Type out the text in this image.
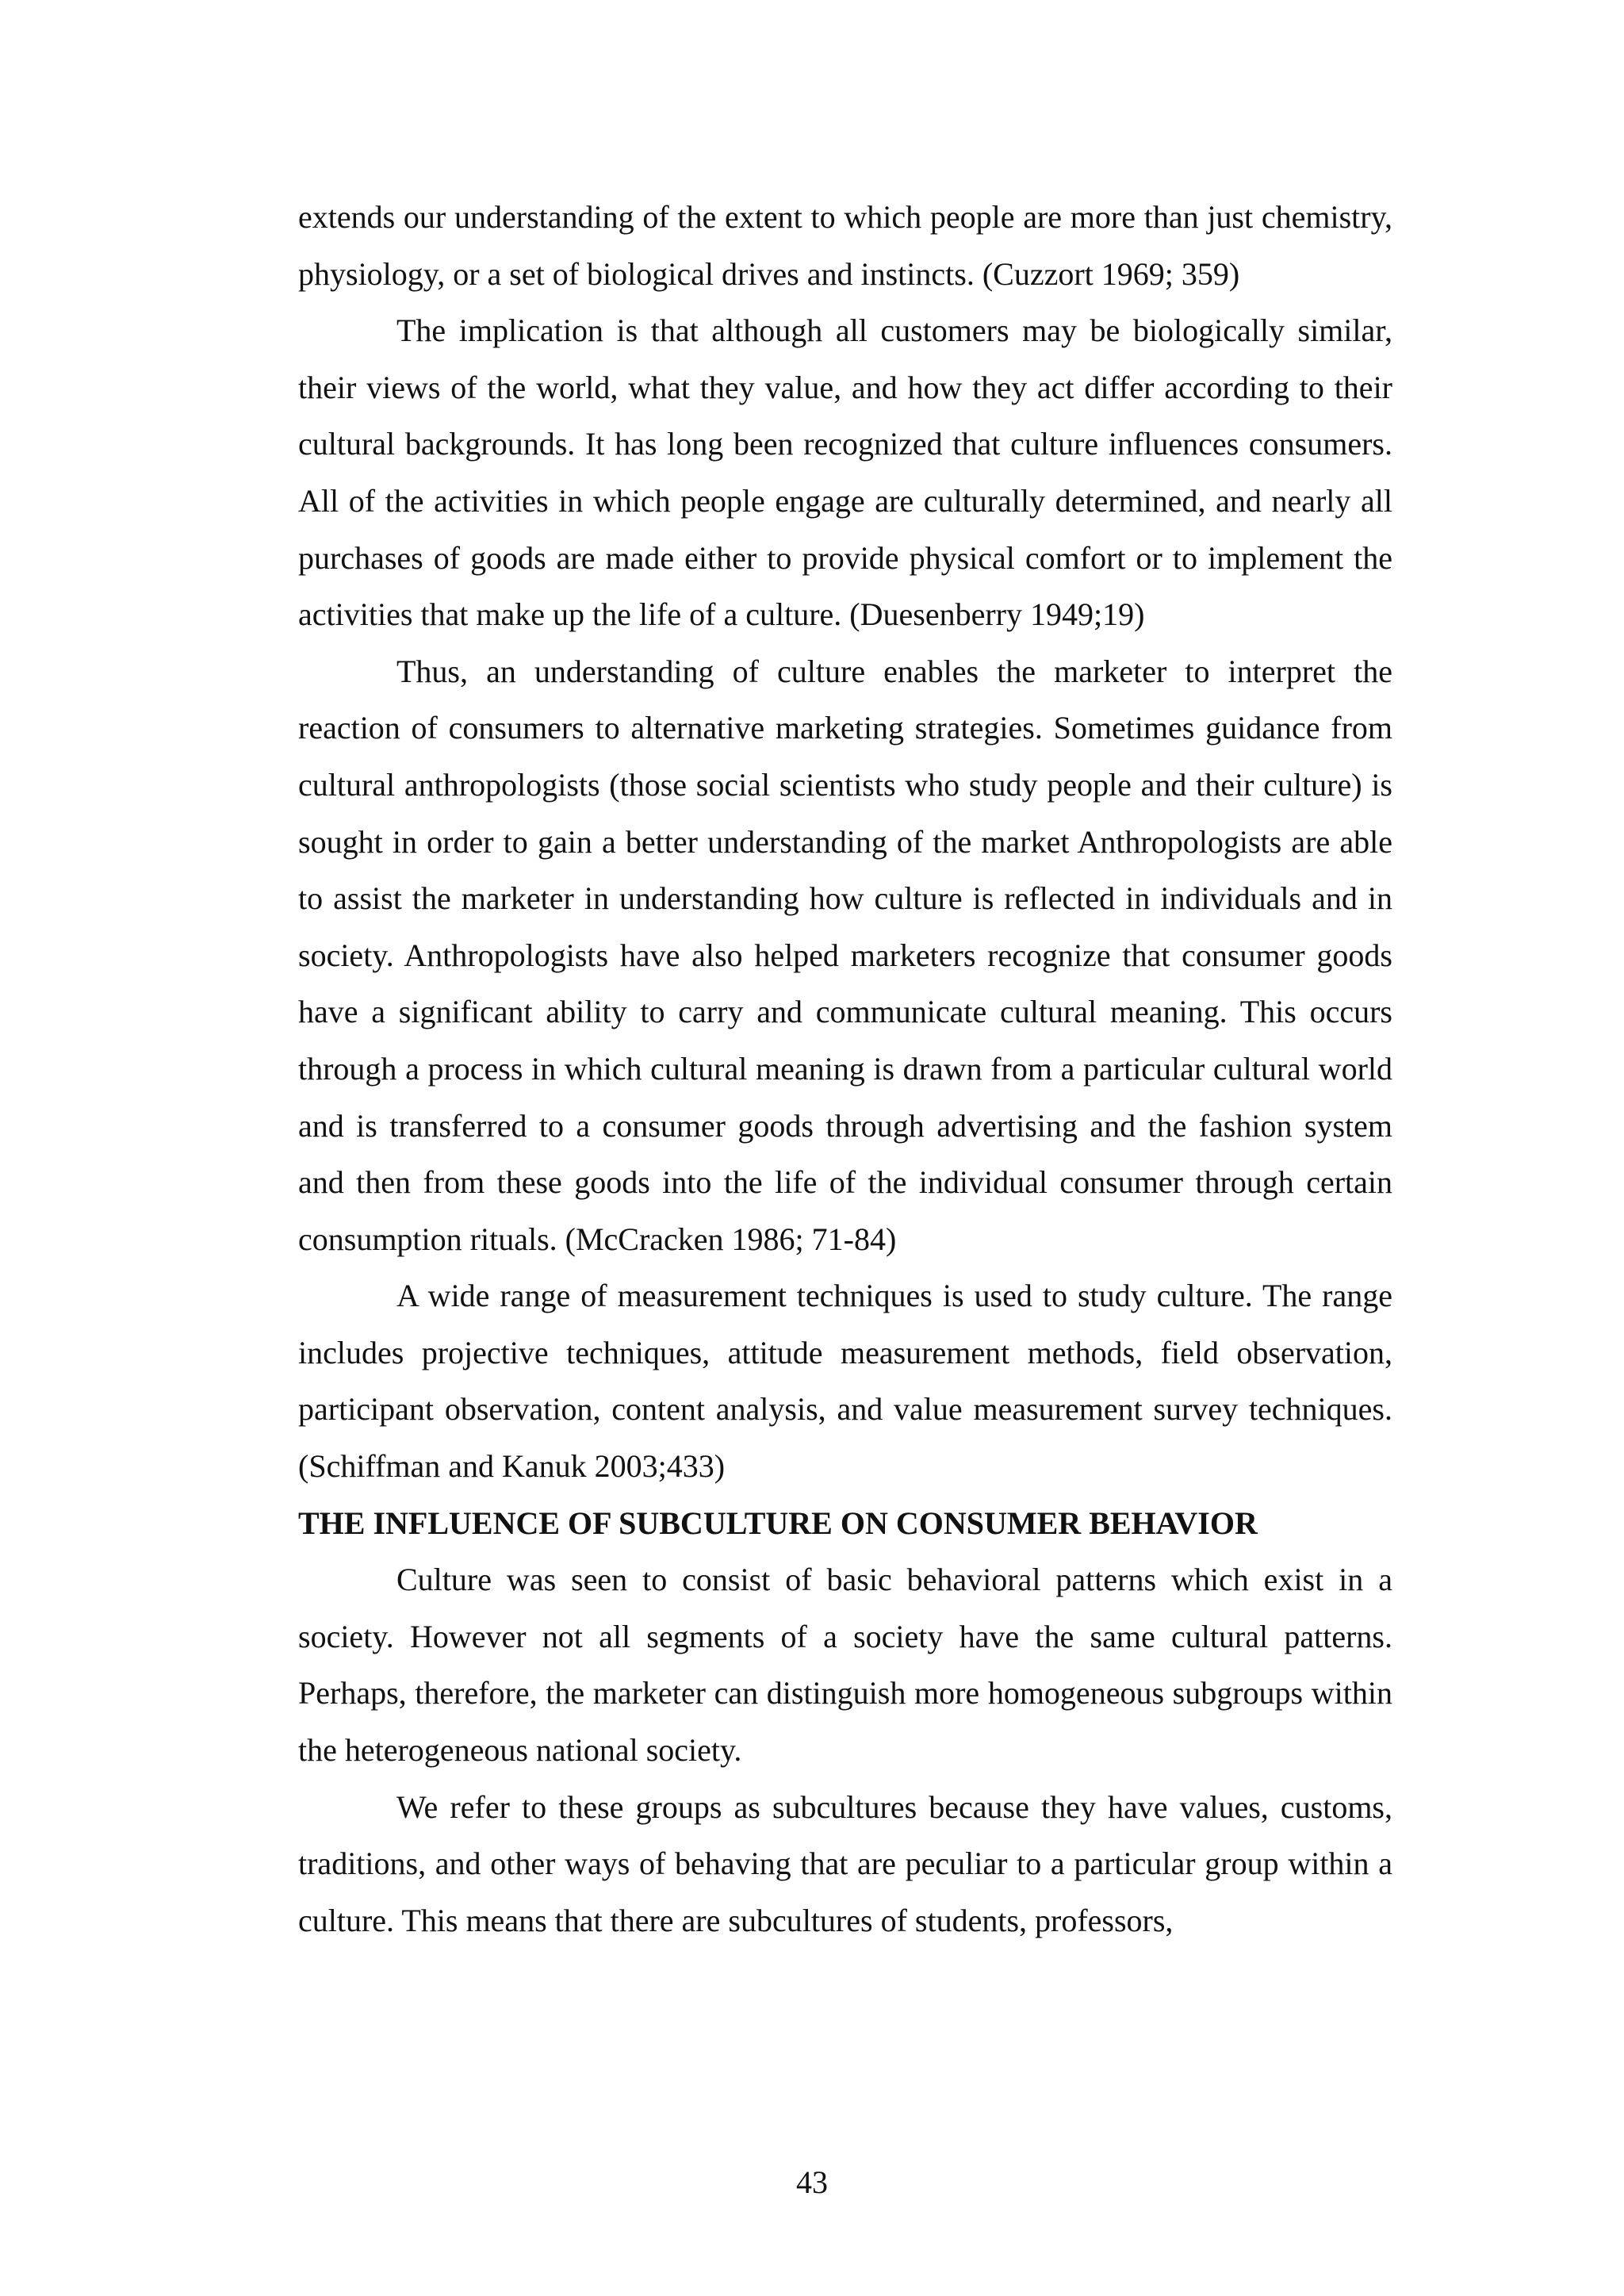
extends our understanding of the extent to which people are more than just chemistry, physiology, or a set of biological drives and instincts. (Cuzzort 1969; 359)

The implication is that although all customers may be biologically similar, their views of the world, what they value, and how they act differ according to their cultural backgrounds. It has long been recognized that culture influences consumers. All of the activities in which people engage are culturally determined, and nearly all purchases of goods are made either to provide physical comfort or to implement the activities that make up the life of a culture. (Duesenberry 1949;19)

Thus, an understanding of culture enables the marketer to interpret the reaction of consumers to alternative marketing strategies. Sometimes guidance from cultural anthropologists (those social scientists who study people and their culture) is sought in order to gain a better understanding of the market Anthropologists are able to assist the marketer in understanding how culture is reflected in individuals and in society. Anthropologists have also helped marketers recognize that consumer goods have a significant ability to carry and communicate cultural meaning. This occurs through a process in which cultural meaning is drawn from a particular cultural world and is transferred to a consumer goods through advertising and the fashion system and then from these goods into the life of the individual consumer through certain consumption rituals. (McCracken 1986; 71-84)

A wide range of measurement techniques is used to study culture. The range includes projective techniques, attitude measurement methods, field observation, participant observation, content analysis, and value measurement survey techniques. (Schiffman and Kanuk 2003;433)

THE INFLUENCE OF SUBCULTURE ON CONSUMER BEHAVIOR

Culture was seen to consist of basic behavioral patterns which exist in a society. However not all segments of a society have the same cultural patterns. Perhaps, therefore, the marketer can distinguish more homogeneous subgroups within the heterogeneous national society.

We refer to these groups as subcultures because they have values, customs, traditions, and other ways of behaving that are peculiar to a particular group within a culture. This means that there are subcultures of students, professors,

43
